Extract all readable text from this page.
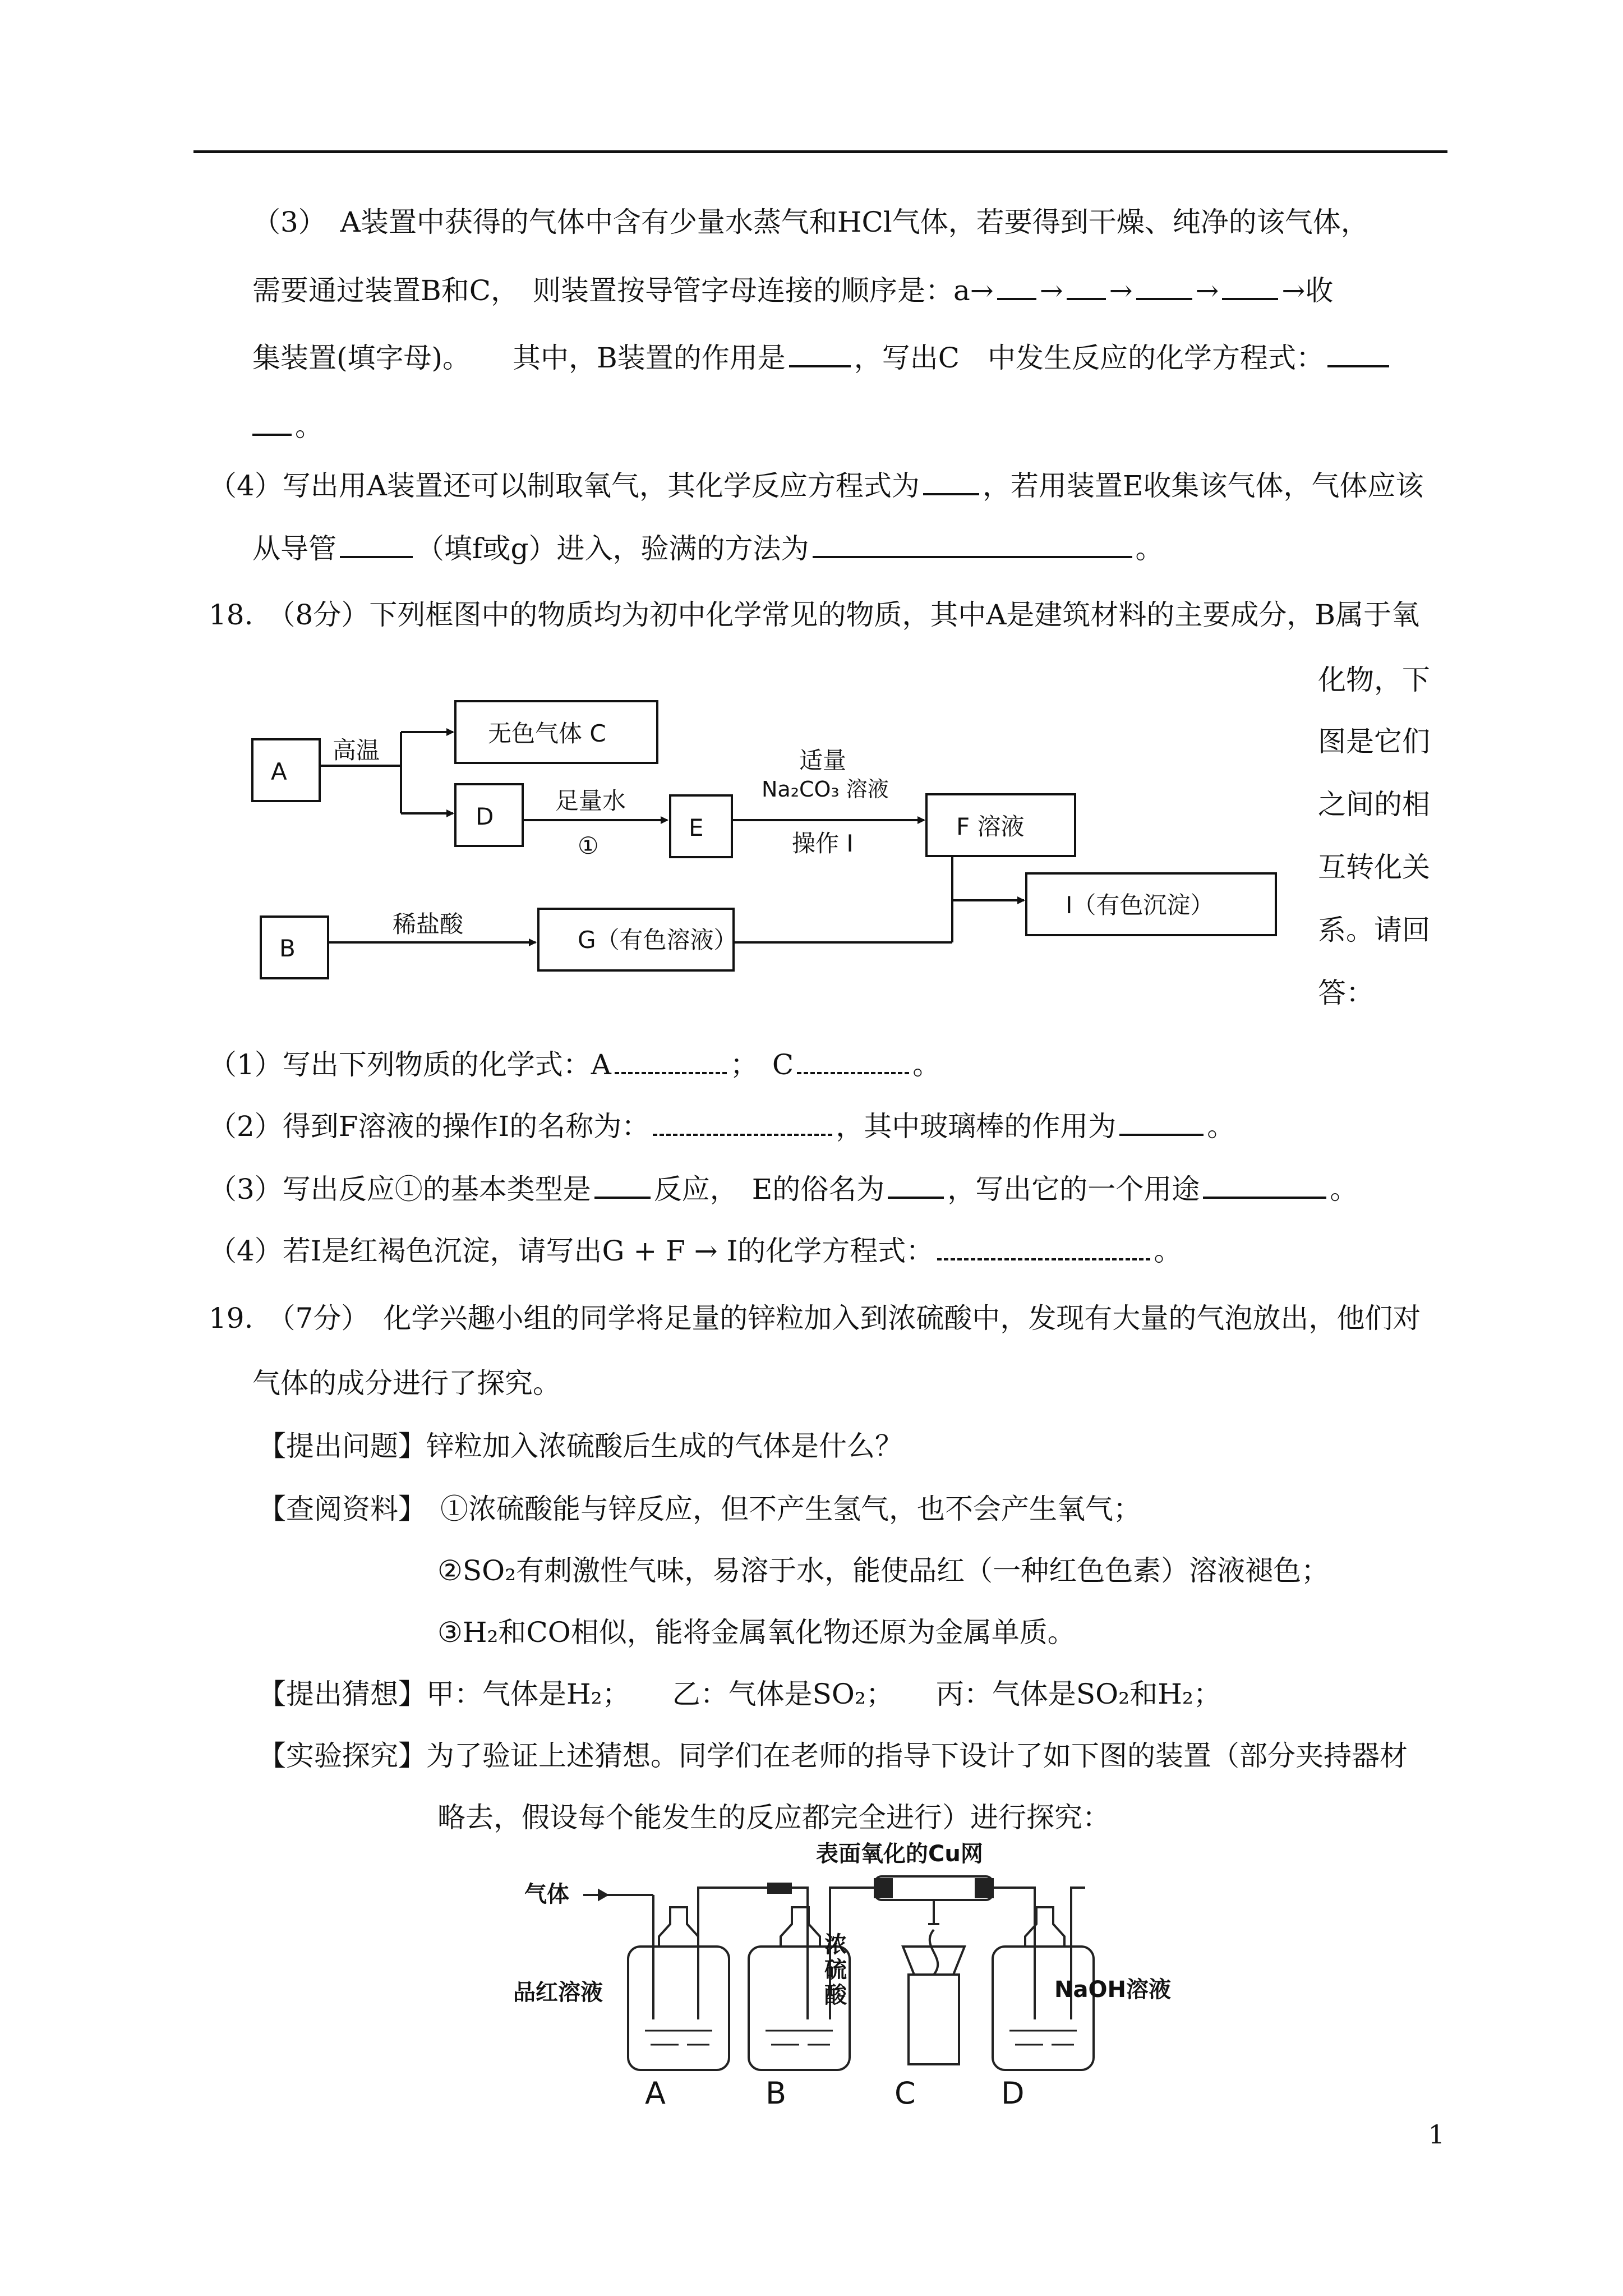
（3）　A装置中获得的气体中含有少量水蒸气和HCl气体，若要得到干燥、纯净的该气体，
需要通过装置B和C，　则装置按导管字母连接的顺序是：a→ → → → →收
集装置(填字母)。　　其中，B装置的作用是 ，写出C　中发生反应的化学方程式：
。
（4）写出用A装置还可以制取氧气，其化学反应方程式为 ，若用装置E收集该气体，气体应该
从导管	（填f或g）进入，验满的方法为	。
18.　（8分）下列框图中的物质均为初中化学常见的物质，其中A是建筑材料的主要成分，B属于氧
化物，下
图是它们
之间的相
互转化关
系。请回
答：
A
B
无色气体 C
D	E	F 溶液
G（有色溶液）
I（有色沉淀）
高温
足量水
①
适量
Na₂CO₃ 溶液
操作 I
稀盐酸
（1）写出下列物质的化学式：A	；　C	。
（2）得到F溶液的操作Ⅰ的名称为：	，其中玻璃棒的作用为	。
（3）写出反应①的基本类型是 反应，　E的俗名为 ，写出它的一个用途	。
（4）若I是红褐色沉淀，请写出G + F → I的化学方程式：	。
19.　（7分）　化学兴趣小组的同学将足量的锌粒加入到浓硫酸中，发现有大量的气泡放出，他们对
气体的成分进行了探究。
【提出问题】锌粒加入浓硫酸后生成的气体是什么？
【查阅资料】　①浓硫酸能与锌反应，但不产生氢气，也不会产生氧气；
②SO₂有刺激性气味，易溶于水，能使品红（一种红色色素）溶液褪色；
③H₂和CO相似，能将金属氧化物还原为金属单质。
【提出猜想】甲：气体是H₂；　　乙：气体是SO₂；　　丙：气体是SO₂和H₂；
【实验探究】为了验证上述猜想。同学们在老师的指导下设计了如下图的装置（部分夹持器材
略去，假设每个能发生的反应都完全进行）进行探究：
气体
表面氧化的Cu网
品红溶液
浓
硫
酸	NaOH溶液
A	B	C	D
1
